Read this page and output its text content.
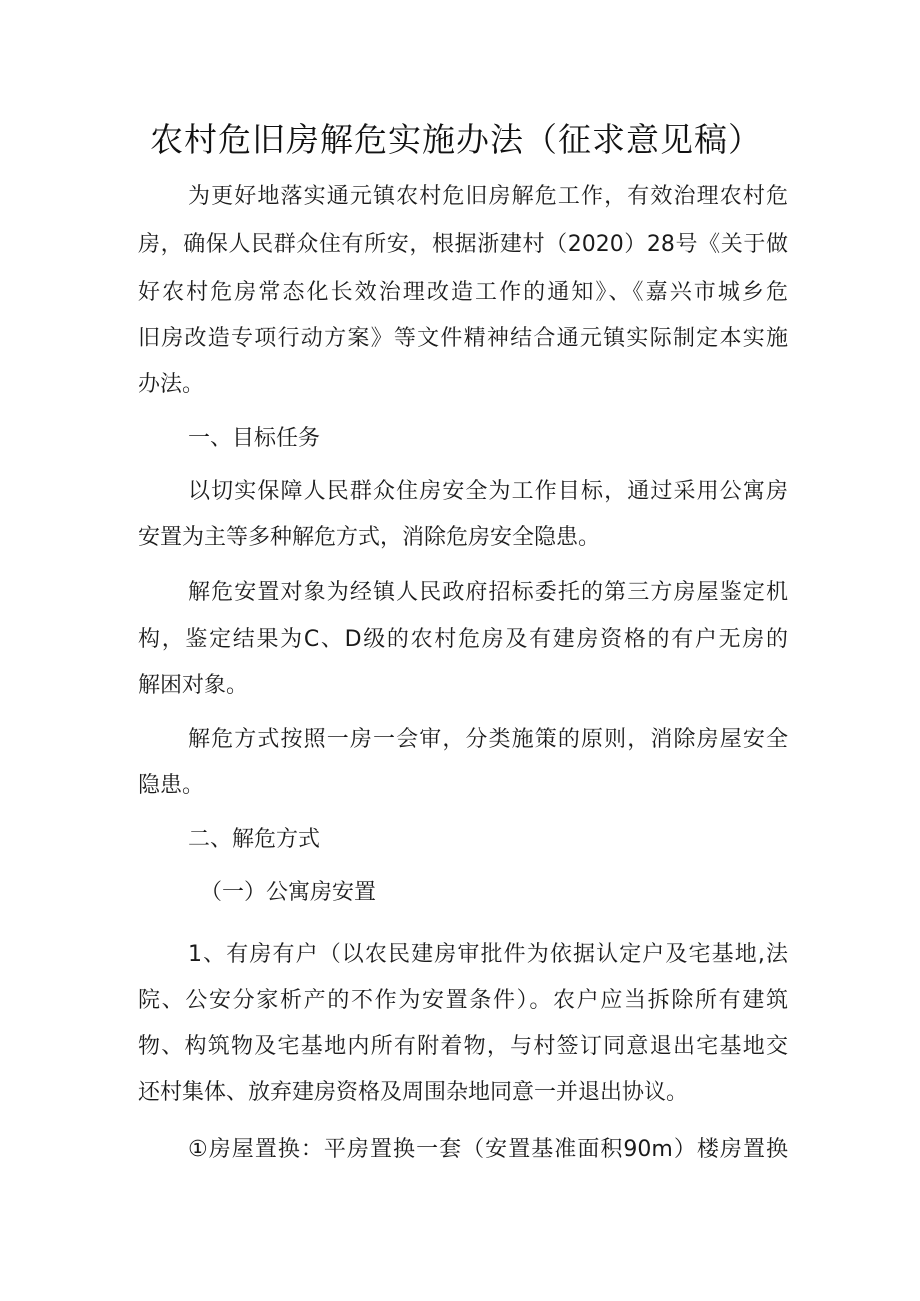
农村危旧房解危实施办法（征求意见稿）
为更好地落实通元镇农村危旧房解危工作，有效治理农村危
房，确保人民群众住有所安，根据浙建村（2020）28号《关于做
好农村危房常态化长效治理改造工作的通知》、《嘉兴市城乡危
旧房改造专项行动方案》等文件精神结合通元镇实际制定本实施
办法。
一、目标任务
以切实保障人民群众住房安全为工作目标，通过采用公寓房
安置为主等多种解危方式，消除危房安全隐患。
解危安置对象为经镇人民政府招标委托的第三方房屋鉴定机
构，鉴定结果为C、D级的农村危房及有建房资格的有户无房的
解困对象。
解危方式按照一房一会审，分类施策的原则，消除房屋安全
隐患。
二、解危方式
（一）公寓房安置
1、有房有户（以农民建房审批件为依据认定户及宅基地,法
院、公安分家析产的不作为安置条件）。农户应当拆除所有建筑
物、构筑物及宅基地内所有附着物，与村签订同意退出宅基地交
还村集体、放弃建房资格及周围杂地同意一并退出协议。
①房屋置换：平房置换一套（安置基准面积90m）楼房置换
